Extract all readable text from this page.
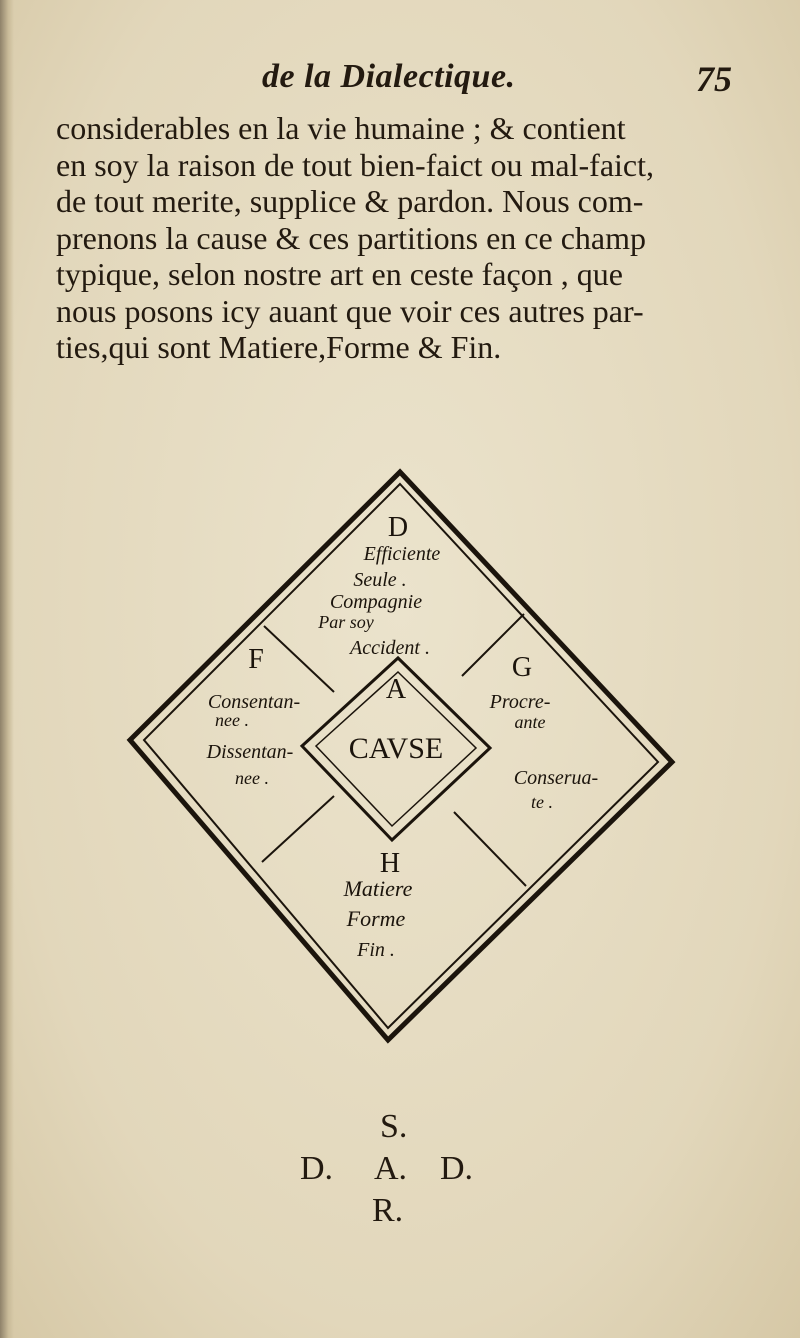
de la Dialectique.	75
considerables en la vie humaine ; & contient
en soy la raison de tout bien-faict ou mal-faict,
de tout merite, supplice & pardon. Nous com-
prenons la cause & ces partitions en ce champ
typique, selon nostre art en ceste façon , que
nous posons icy auant que voir ces autres par-
ties,qui sont Matiere,Forme & Fin.
A
CAVSE
D
Efficiente
Seule .
Compagnie
Par soy
Accident .
F
Consentan-
nee .
Dissentan-
nee .
G
Procre-
ante
Conserua-
te .
H
Matiere
Forme
Fin .
S.
D. A. D.
R.
